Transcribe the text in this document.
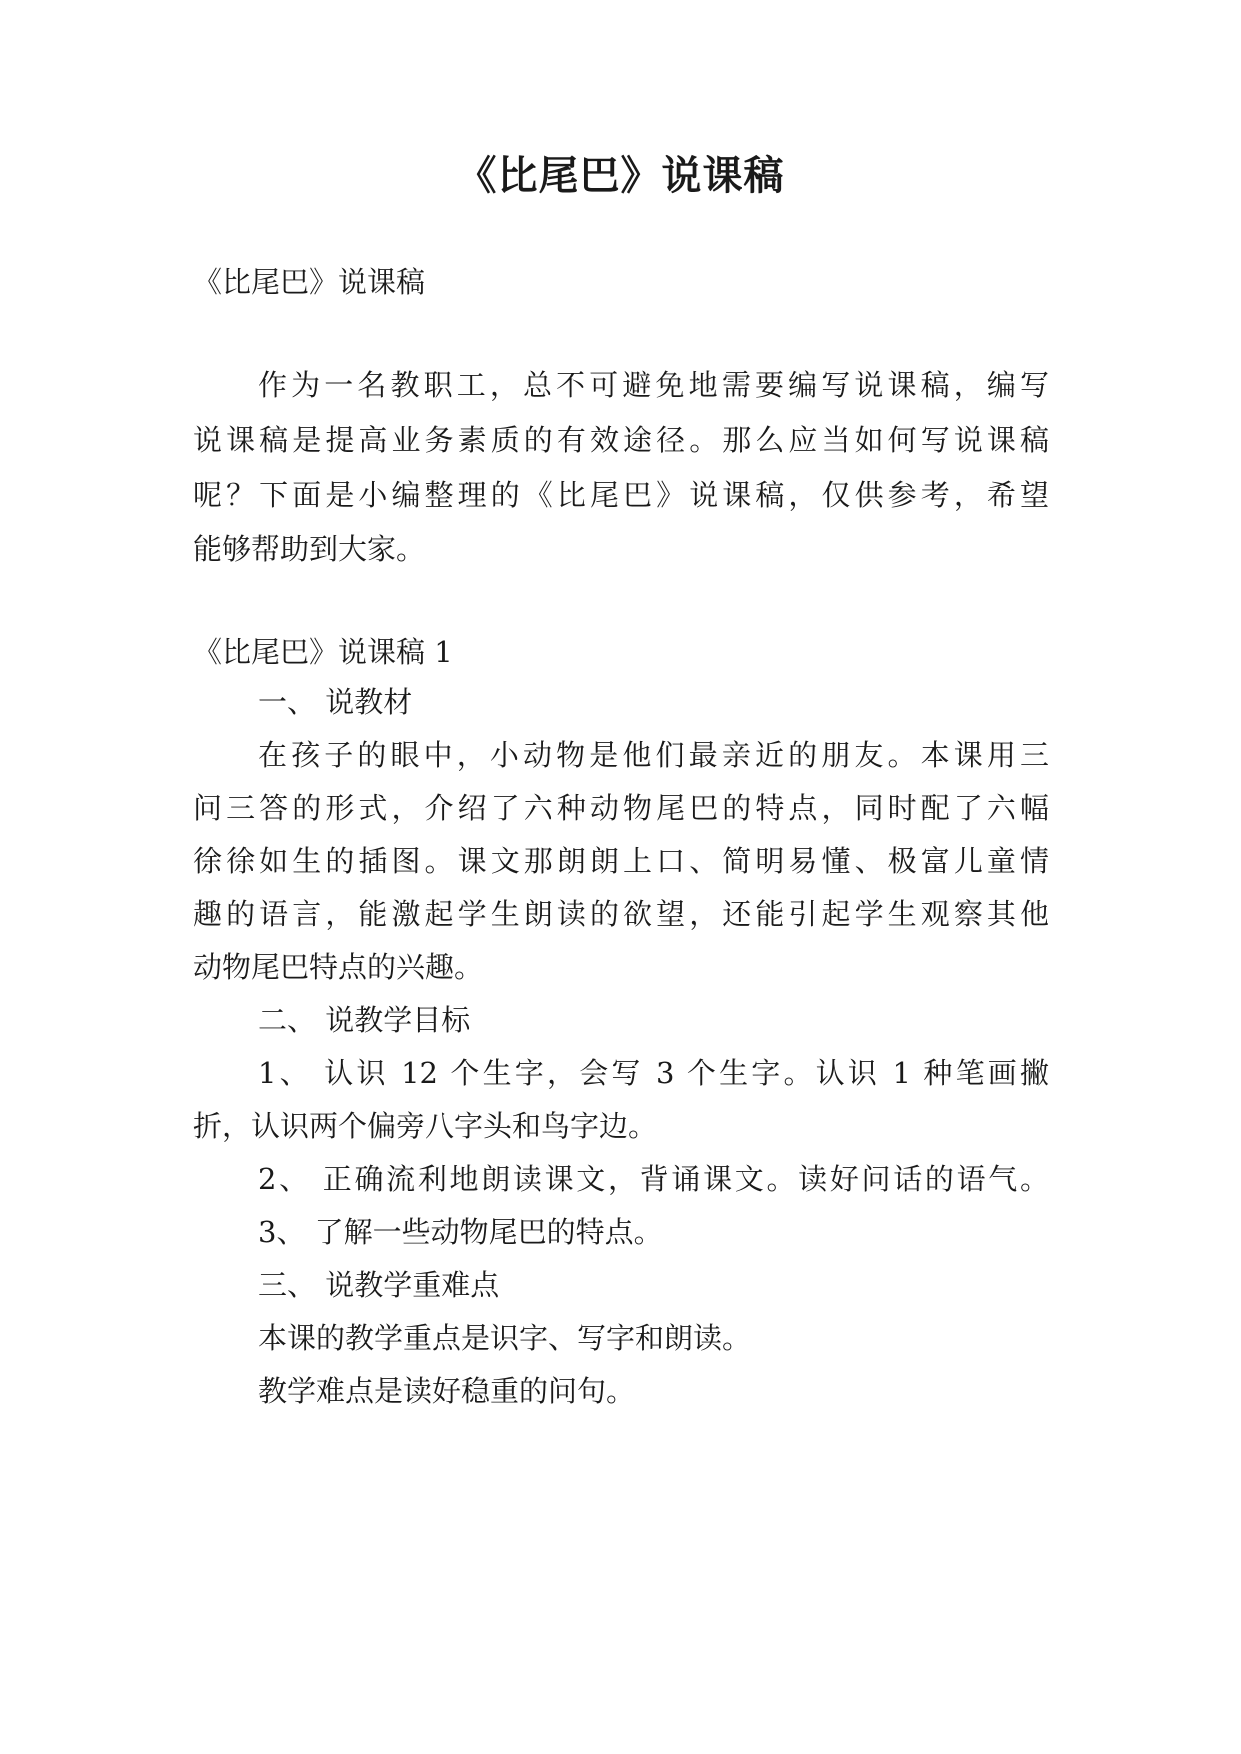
《比尾巴》说课稿
《比尾巴》说课稿
作为一名教职工，总不可避免地需要编写说课稿，编写
说课稿是提高业务素质的有效途径。那么应当如何写说课稿
呢？下面是小编整理的《比尾巴》说课稿，仅供参考，希望
能够帮助到大家。
《比尾巴》说课稿 1
一、 说教材
在孩子的眼中，小动物是他们最亲近的朋友。本课用三
问三答的形式，介绍了六种动物尾巴的特点，同时配了六幅
徐徐如生的插图。课文那朗朗上口、简明易懂、极富儿童情
趣的语言，能激起学生朗读的欲望，还能引起学生观察其他
动物尾巴特点的兴趣。
二、 说教学目标
1、 认识 12 个生字，会写 3 个生字。认识 1 种笔画撇
折，认识两个偏旁八字头和鸟字边。
2、 正确流利地朗读课文，背诵课文。读好问话的语气。
3、 了解一些动物尾巴的特点。
三、 说教学重难点
本课的教学重点是识字、写字和朗读。
教学难点是读好稳重的问句。
